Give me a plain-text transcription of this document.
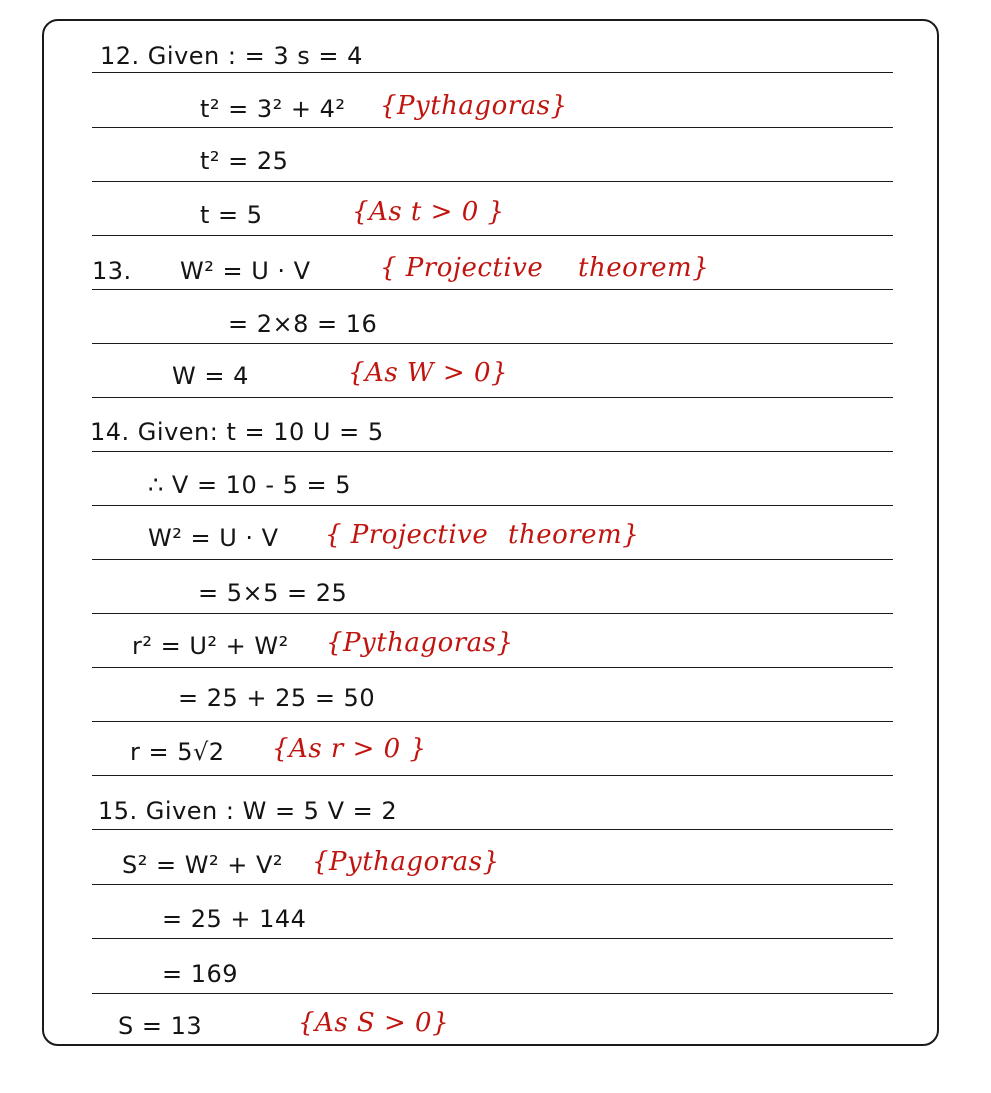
12. Given : = 3 s = 4
t² = 3² + 4² {Pythagoras}
t² = 25
t = 5	{As t > 0 }
13. W² = U · V	{ Projective theorem}
= 2×8 = 16
W = 4	{As W > 0}
14. Given: t = 10 U = 5
∴ V = 10 - 5 = 5
W² = U · V { Projective theorem}
= 5×5 = 25
r² = U² + W² {Pythagoras}
= 25 + 25 = 50
r = 5√2 {As r > 0 }
15. Given : W = 5 V = 2
S² = W² + V² {Pythagoras}
= 25 + 144
= 169
S = 13	{As S > 0}
